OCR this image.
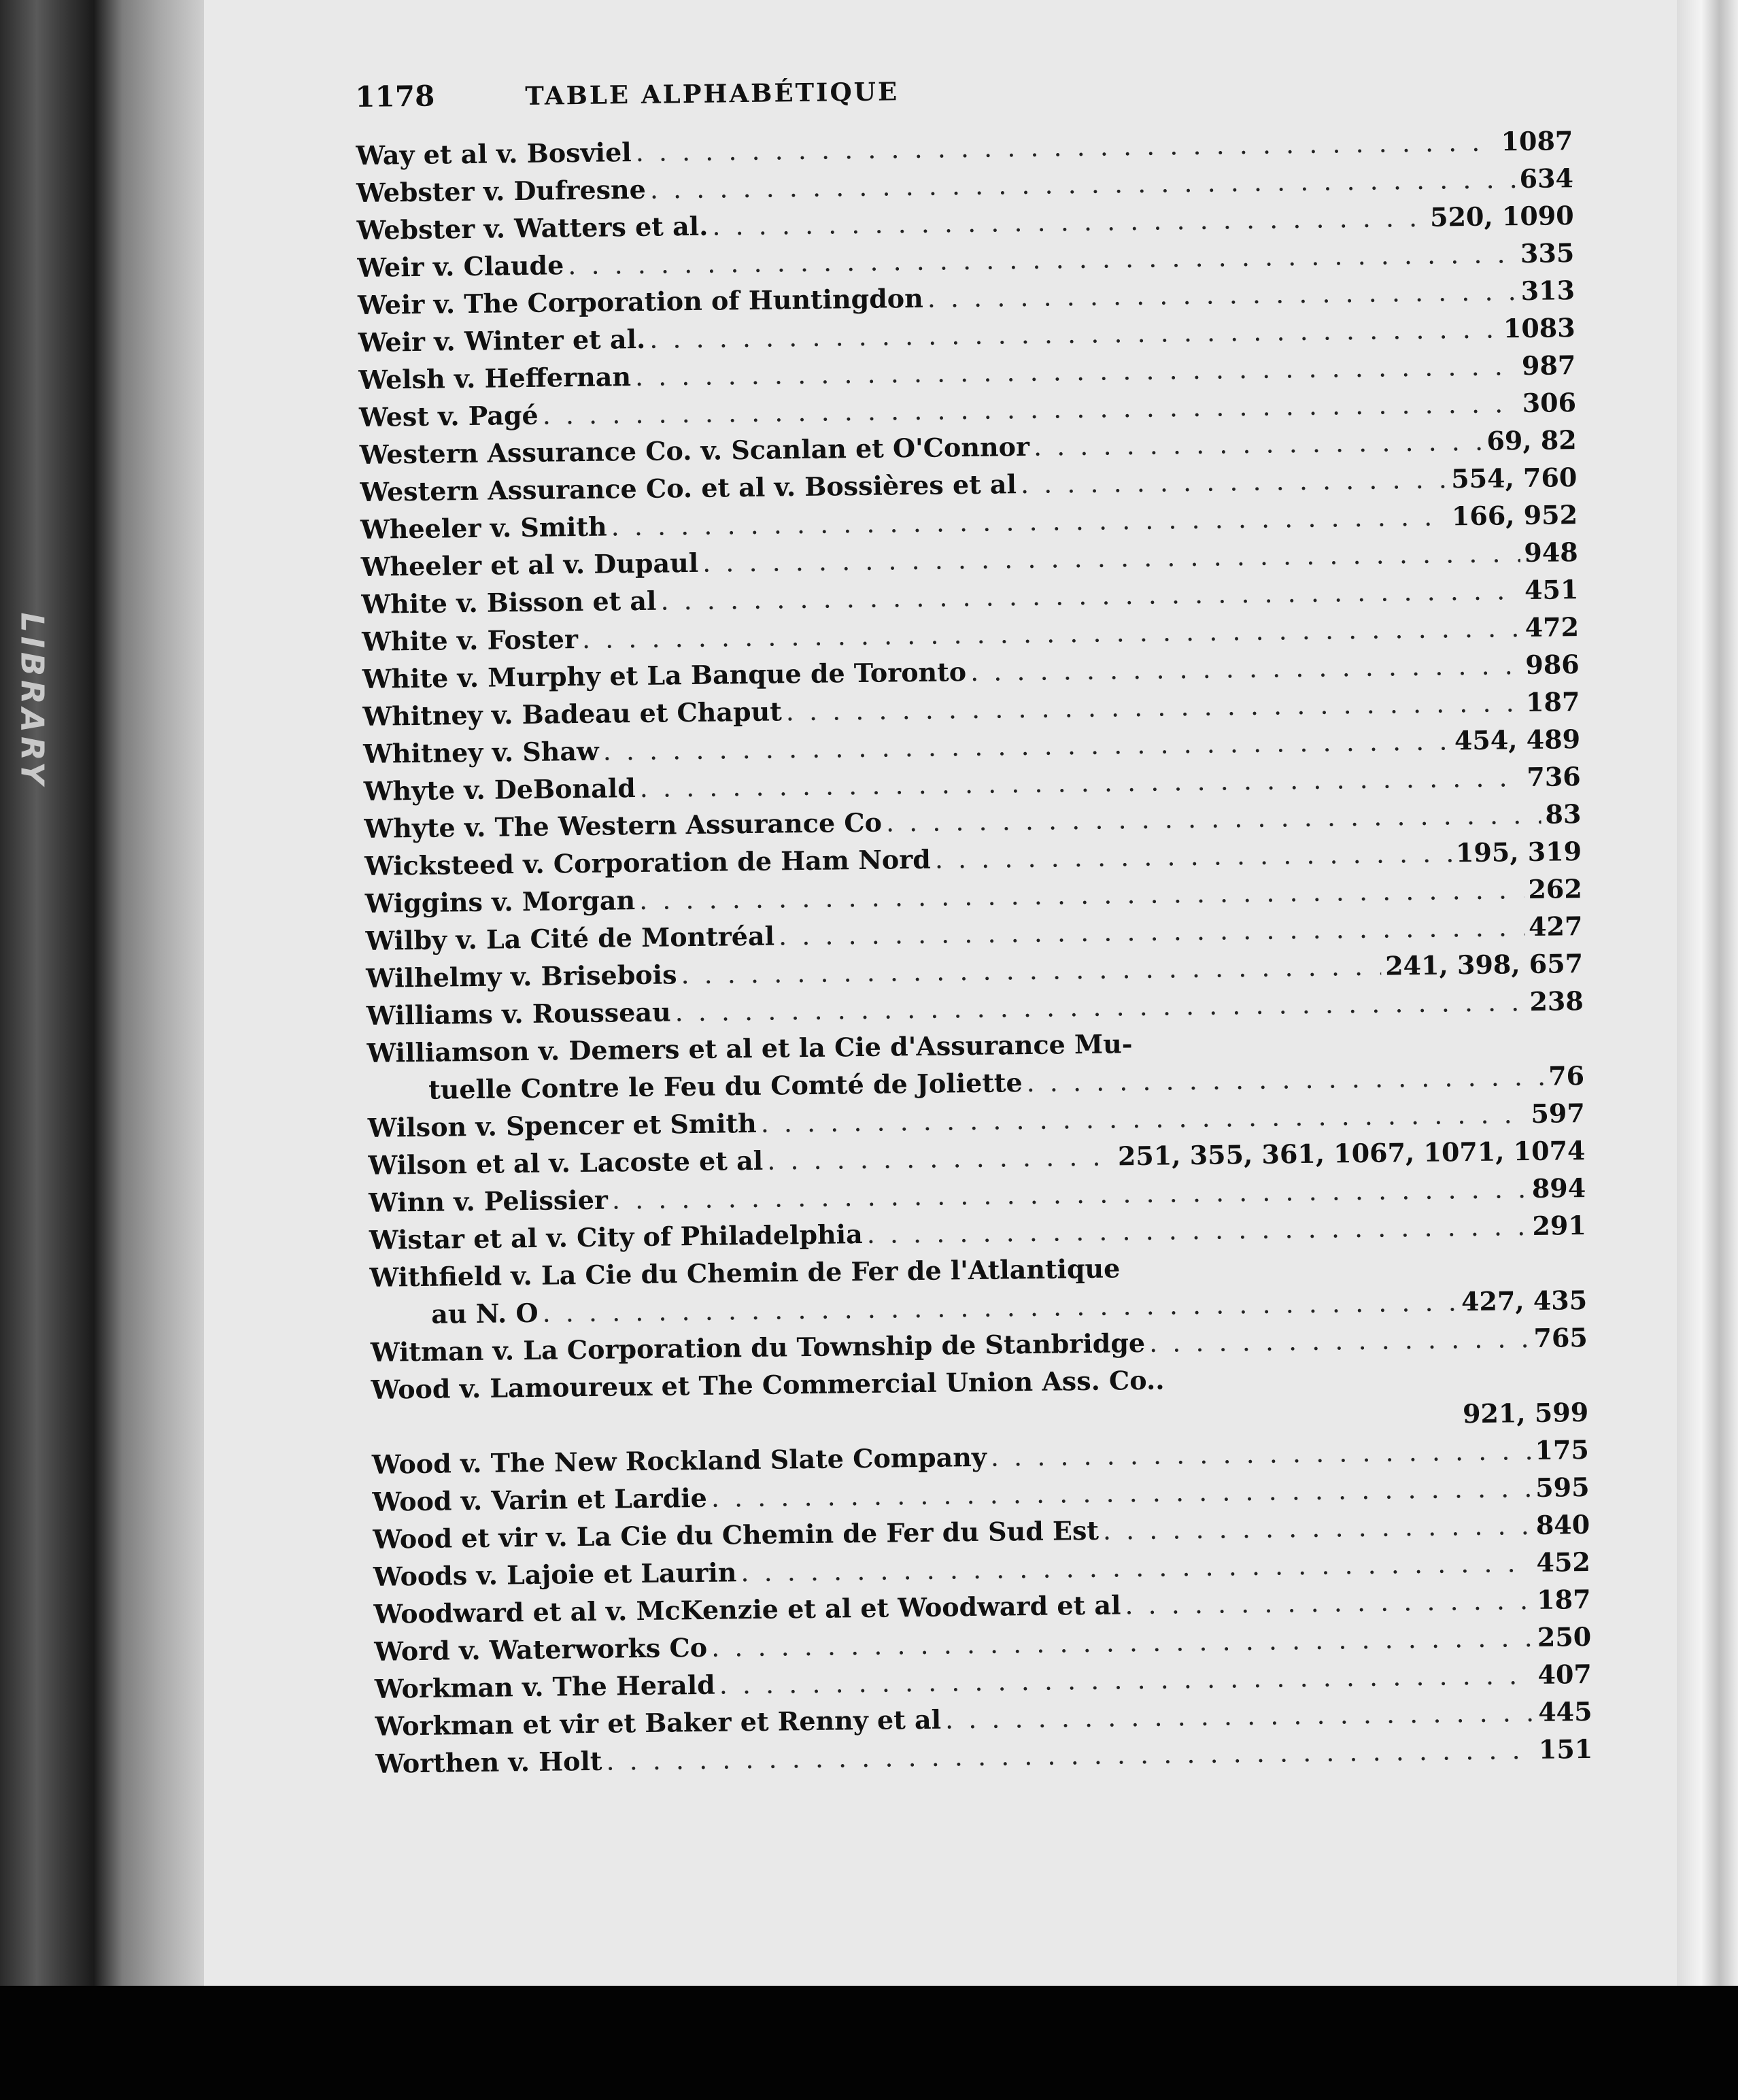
LIBRARY
1178	TABLE ALPHABÉTIQUE
Way et al v. Bosviel . . .	1087
Webster v. Dufresne . . .	634
Webster v. Watters et al. . . .	520, 1090
Weir v. Claude . . .	335
Weir v. The Corporation of Huntingdon . . .	313
Weir v. Winter et al. . . .	1083
Welsh v. Heffernan . . .	987
West v. Pagé . . .	306
Western Assurance Co. v. Scanlan et O'Connor . . .	69, 82
Western Assurance Co. et al v. Bossières et al . . .	554, 760
Wheeler v. Smith . . .	166, 952
Wheeler et al v. Dupaul . . .	948
White v. Bisson et al . . .	451
White v. Foster . . .	472
White v. Murphy et La Banque de Toronto . . .	986
Whitney v. Badeau et Chaput . . .	187
Whitney v. Shaw . . .	454, 489
Whyte v. DeBonald . . .	736
Whyte v. The Western Assurance Co . . .	83
Wicksteed v. Corporation de Ham Nord . . .	195, 319
Wiggins v. Morgan . . .	262
Wilby v. La Cité de Montréal . . .	427
Wilhelmy v. Brisebois . . .	241, 398, 657
Williams v. Rousseau . . .	238
Williamson v. Demers et al et la Cie d'Assurance Mu-
tuelle Contre le Feu du Comté de Joliette . . .	76
Wilson v. Spencer et Smith . . .	597
Wilson et al v. Lacoste et al . . .	251, 355, 361, 1067, 1071, 1074
Winn v. Pelissier . . .	894
Wistar et al v. City of Philadelphia . . .	291
Withfield v. La Cie du Chemin de Fer de l'Atlantique
au N. O . . .	427, 435
Witman v. La Corporation du Township de Stanbridge . . .	765
Wood v. Lamoureux et The Commercial Union Ass. Co..
921, 599
Wood v. The New Rockland Slate Company . . .	175
Wood v. Varin et Lardie . . .	595
Wood et vir v. La Cie du Chemin de Fer du Sud Est . . .	840
Woods v. Lajoie et Laurin . . .	452
Woodward et al v. McKenzie et al et Woodward et al . . .	187
Word v. Waterworks Co . . .	250
Workman v. The Herald . . .	407
Workman et vir et Baker et Renny et al . . .	445
Worthen v. Holt . . .	151
